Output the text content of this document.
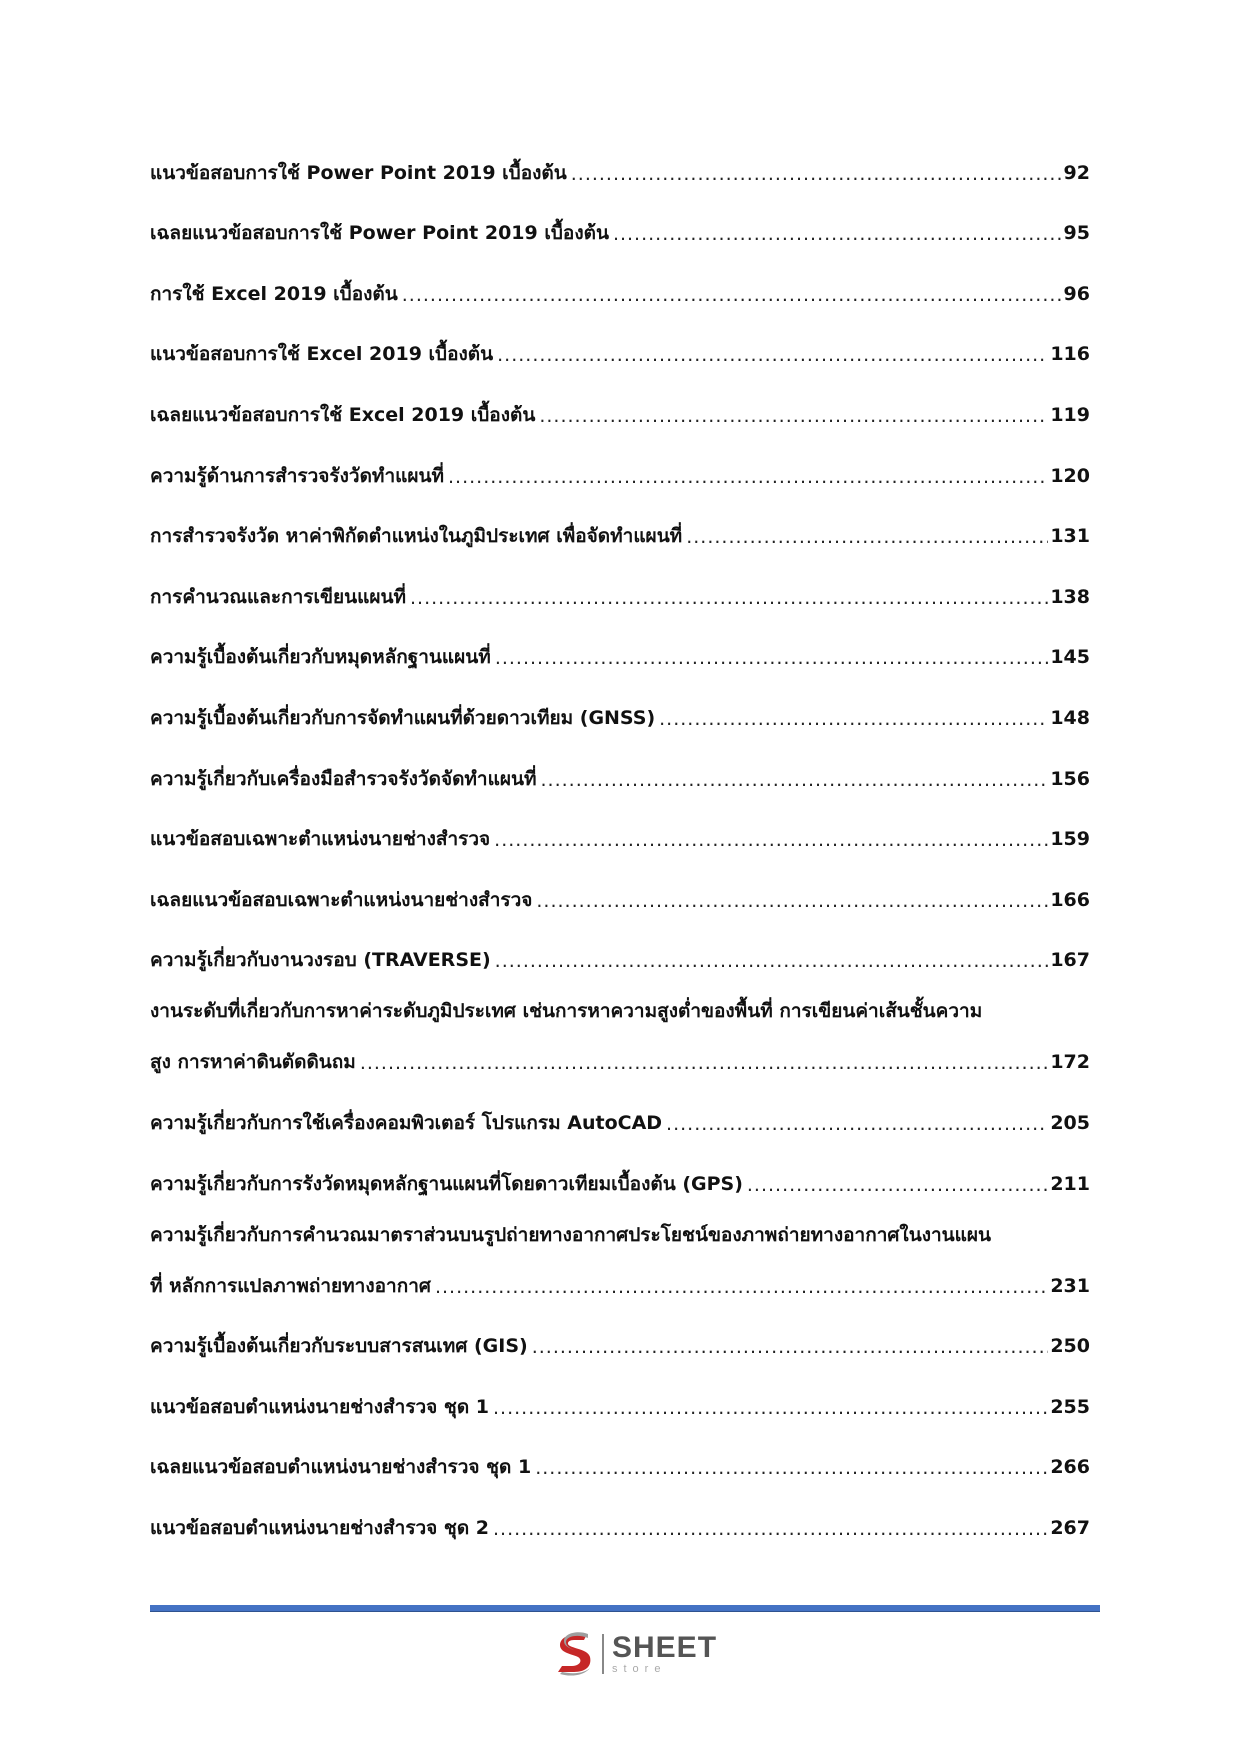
แนวข้อสอบการใช้ Power Point 2019 เบื้องต้น .....	92
เฉลยแนวข้อสอบการใช้ Power Point 2019 เบื้องต้น .....	95
การใช้ Excel 2019 เบื้องต้น .....	96
แนวข้อสอบการใช้ Excel 2019 เบื้องต้น .....	116
เฉลยแนวข้อสอบการใช้ Excel 2019 เบื้องต้น .....	119
ความรู้ด้านการสำรวจรังวัดทำแผนที่ .....	120
การสำรวจรังวัด หาค่าพิกัดตำแหน่งในภูมิประเทศ เพื่อจัดทำแผนที่ .....	131
การคำนวณและการเขียนแผนที่ .....	138
ความรู้เบื้องต้นเกี่ยวกับหมุดหลักฐานแผนที่ .....	145
ความรู้เบื้องต้นเกี่ยวกับการจัดทำแผนที่ด้วยดาวเทียม (GNSS) .....	148
ความรู้เกี่ยวกับเครื่องมือสำรวจรังวัดจัดทำแผนที่ .....	156
แนวข้อสอบเฉพาะตำแหน่งนายช่างสำรวจ .....	159
เฉลยแนวข้อสอบเฉพาะตำแหน่งนายช่างสำรวจ .....	166
ความรู้เกี่ยวกับงานวงรอบ (TRAVERSE) .....	167
งานระดับที่เกี่ยวกับการหาค่าระดับภูมิประเทศ เช่นการหาความสูงต่ำของพื้นที่ การเขียนค่าเส้นชั้นความ
สูง การหาค่าดินตัดดินถม .....	172
ความรู้เกี่ยวกับการใช้เครื่องคอมพิวเตอร์ โปรแกรม AutoCAD .....	205
ความรู้เกี่ยวกับการรังวัดหมุดหลักฐานแผนที่โดยดาวเทียมเบื้องต้น (GPS) .....	211
ความรู้เกี่ยวกับการคำนวณมาตราส่วนบนรูปถ่ายทางอากาศประโยชน์ของภาพถ่ายทางอากาศในงานแผน
ที่ หลักการแปลภาพถ่ายทางอากาศ .....	231
ความรู้เบื้องต้นเกี่ยวกับระบบสารสนเทศ (GIS) .....	250
แนวข้อสอบตำแหน่งนายช่างสำรวจ ชุด 1 .....	255
เฉลยแนวข้อสอบตำแหน่งนายช่างสำรวจ ชุด 1 .....	266
แนวข้อสอบตำแหน่งนายช่างสำรวจ ชุด 2 .....	267
SHEET
store
